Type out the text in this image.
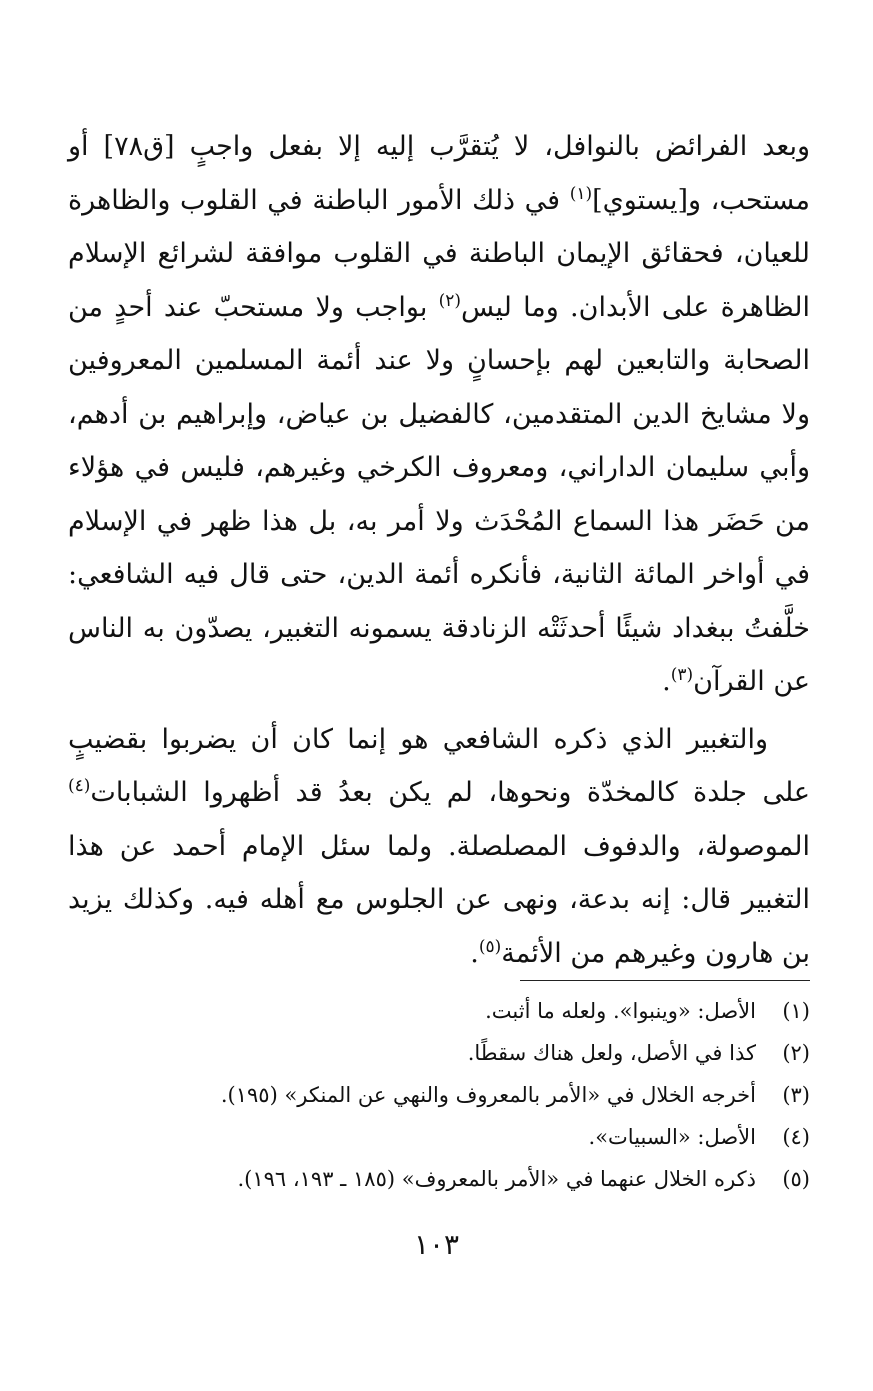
وبعد الفرائض بالنوافل، لا يُتقرَّب إليه إلا بفعل واجبٍ [ق٧٨] أو مستحب، و[يستوي]$^{(١)}$ في ذلك الأمور الباطنة في القلوب والظاهرة للعيان، فحقائق الإيمان الباطنة في القلوب موافقة لشرائع الإسلام الظاهرة على الأبدان. وما ليس$^{(٢)}$ بواجب ولا مستحبّ عند أحدٍ من الصحابة والتابعين لهم بإحسانٍ ولا عند أئمة المسلمين المعروفين ولا مشايخ الدين المتقدمين، كالفضيل بن عياض، وإبراهيم بن أدهم، وأبي سليمان الداراني، ومعروف الكرخي وغيرهم، فليس في هؤلاء من حَضَر هذا السماع المُحْدَث ولا أمر به، بل هذا ظهر في الإسلام في أواخر المائة الثانية، فأنكره أئمة الدين، حتى قال فيه الشافعي: خلَّفتُ ببغداد شيئًا أحدثَتْه الزنادقة يسمونه التغبير، يصدّون به الناس عن القرآن$^{(٣)}$.

والتغبير الذي ذكره الشافعي هو إنما كان أن يضربوا بقضيبٍ على جلدة كالمخدّة ونحوها، لم يكن بعدُ قد أظهروا الشبابات$^{(٤)}$ الموصولة، والدفوف المصلصلة. ولما سئل الإمام أحمد عن هذا التغبير قال: إنه بدعة، ونهى عن الجلوس مع أهله فيه. وكذلك يزيد بن هارون وغيرهم من الأئمة$^{(٥)}$.

(١)
الأصل: «وينبوا». ولعله ما أثبت.
(٢)
كذا في الأصل، ولعل هناك سقطًا.
(٣)
أخرجه الخلال في «الأمر بالمعروف والنهي عن المنكر» (١٩٥).
(٤)
الأصل: «السبيات».
(٥)
ذكره الخلال عنهما في «الأمر بالمعروف» (١٨٥ ـ ١٩٣، ١٩٦).
١٠٣
